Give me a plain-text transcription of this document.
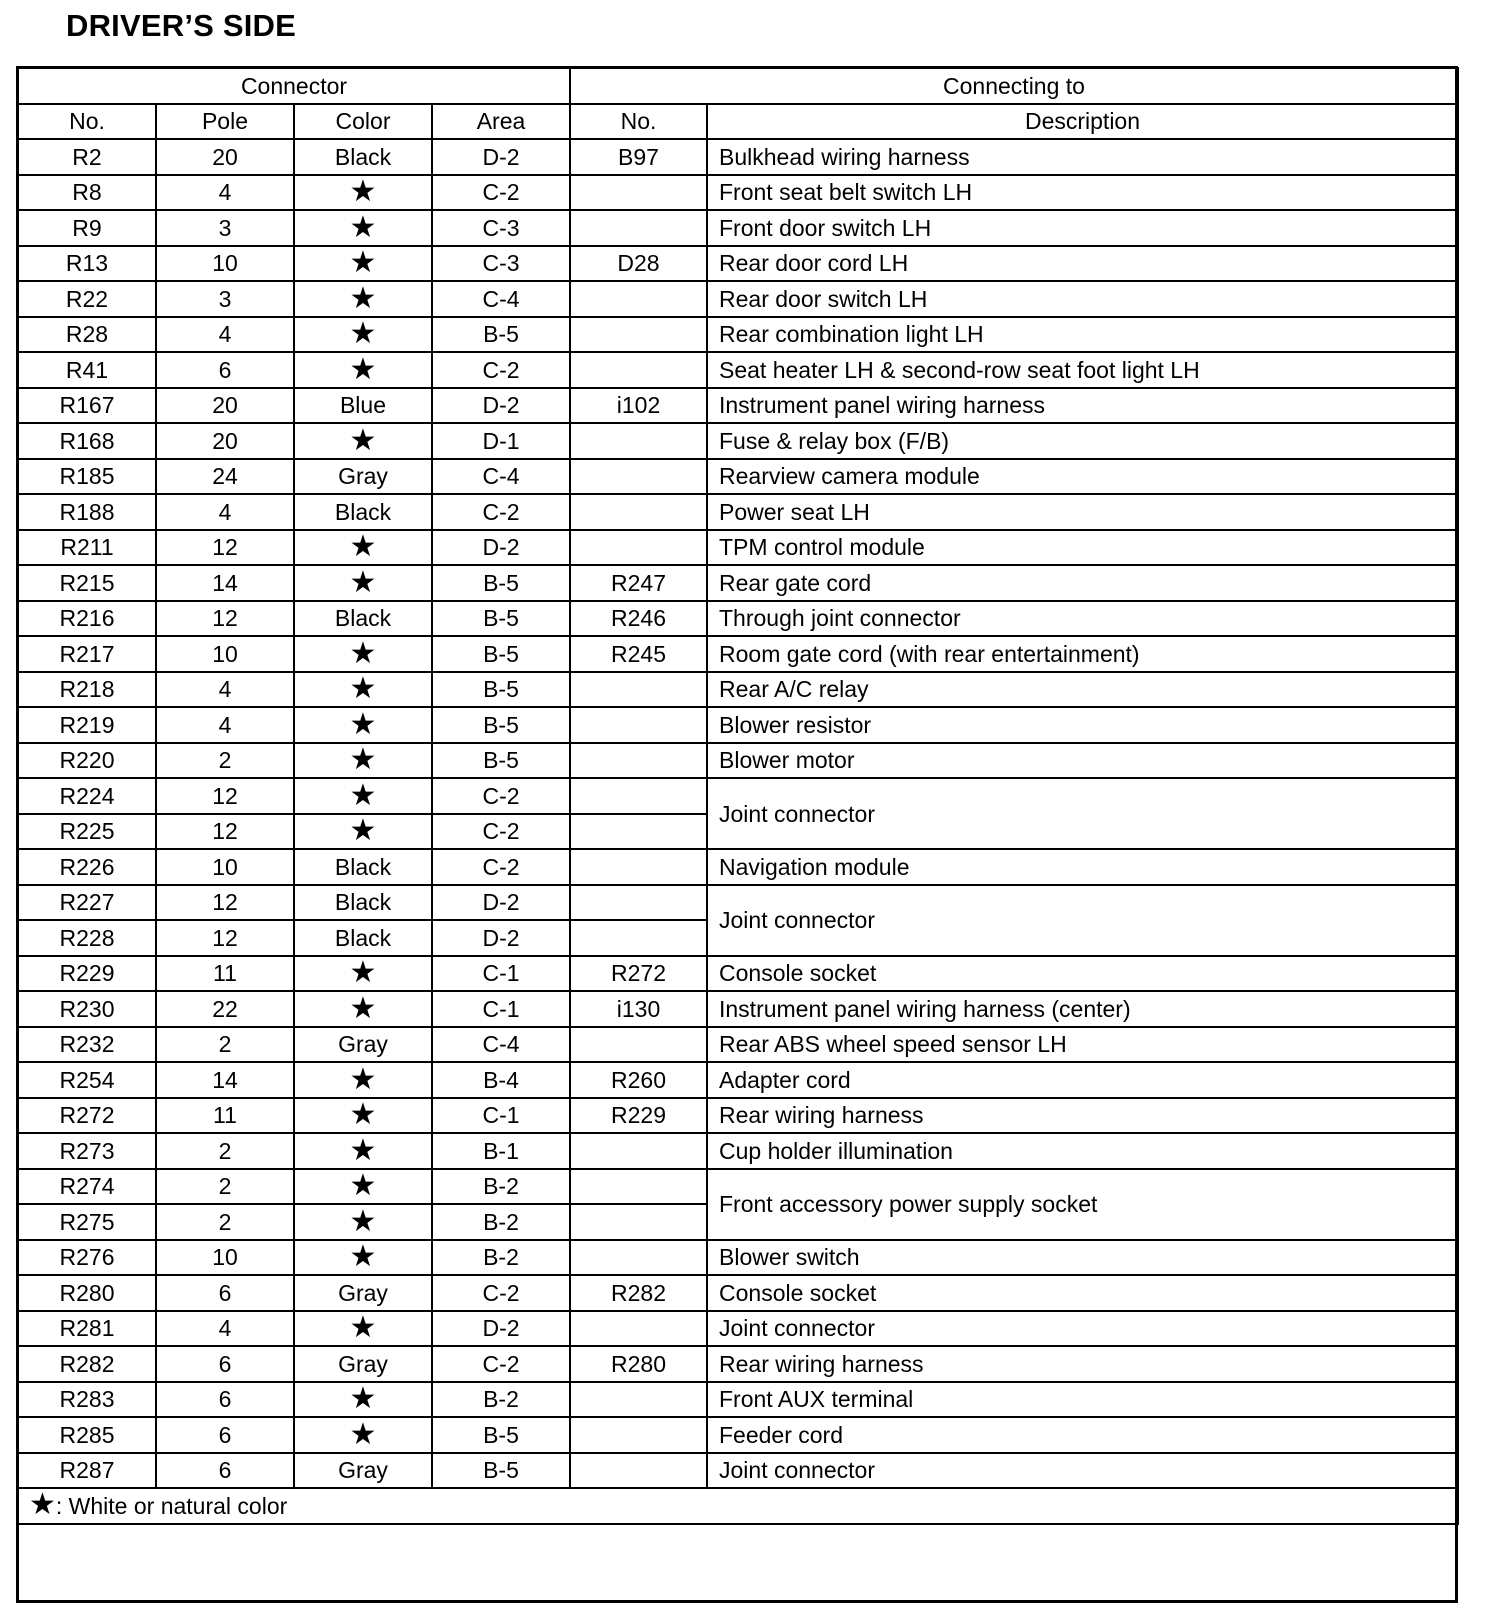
DRIVER’S SIDE
Connector				Connecting to	
No.	Pole	Color	Area	No.	Description
R2	20	Black	D-2	B97	Bulkhead wiring harness
R8	4	★	C-2		Front seat belt switch LH
R9	3	★	C-3		Front door switch LH
R13	10	★	C-3	D28	Rear door cord LH
R22	3	★	C-4		Rear door switch LH
R28	4	★	B-5		Rear combination light LH
R41	6	★	C-2		Seat heater LH & second-row seat foot light LH
R167	20	Blue	D-2	i102	Instrument panel wiring harness
R168	20	★	D-1		Fuse & relay box (F/B)
R185	24	Gray	C-4		Rearview camera module
R188	4	Black	C-2		Power seat LH
R211	12	★	D-2		TPM control module
R215	14	★	B-5	R247	Rear gate cord
R216	12	Black	B-5	R246	Through joint connector
R217	10	★	B-5	R245	Room gate cord (with rear entertainment)
R218	4	★	B-5		Rear A/C relay
R219	4	★	B-5		Blower resistor
R220	2	★	B-5		Blower motor
R224	12	★	C-2		Joint connector
R225	12	★	C-2		
R226	10	Black	C-2		Navigation module
R227	12	Black	D-2		Joint connector
R228	12	Black	D-2		
R229	11	★	C-1	R272	Console socket
R230	22	★	C-1	i130	Instrument panel wiring harness (center)
R232	2	Gray	C-4		Rear ABS wheel speed sensor LH
R254	14	★	B-4	R260	Adapter cord
R272	11	★	C-1	R229	Rear wiring harness
R273	2	★	B-1		Cup holder illumination
R274	2	★	B-2		Front accessory power supply socket
R275	2	★	B-2		
R276	10	★	B-2		Blower switch
R280	6	Gray	C-2	R282	Console socket
R281	4	★	D-2		Joint connector
R282	6	Gray	C-2	R280	Rear wiring harness
R283	6	★	B-2		Front AUX terminal
R285	6	★	B-5		Feeder cord
R287	6	Gray	B-5		Joint connector
★: White or natural color					
